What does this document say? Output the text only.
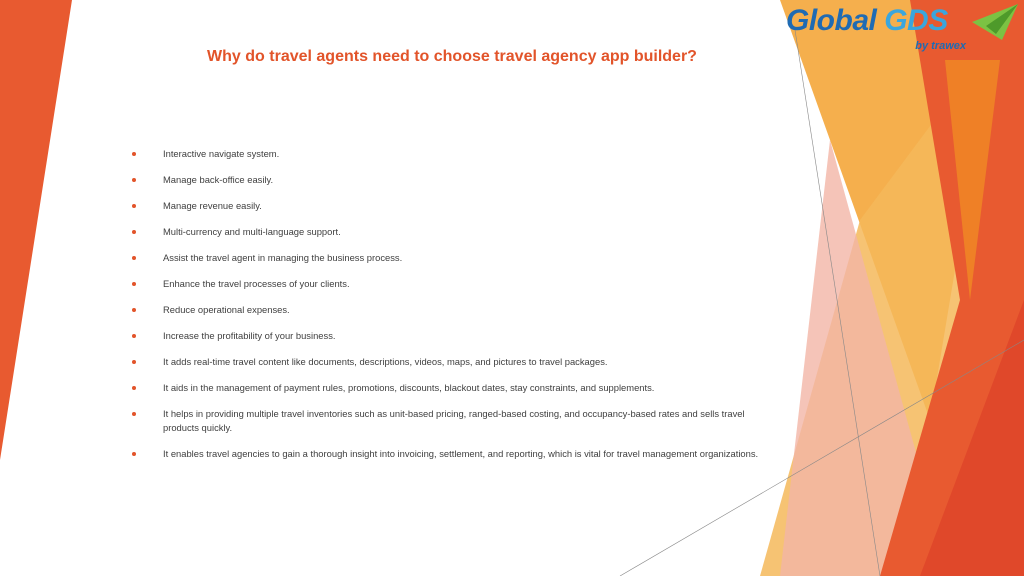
Global GDS
by trawex
Why do travel agents need to choose travel agency app builder?
Interactive navigate system.
Manage back-office easily.
Manage revenue easily.
Multi-currency and multi-language support.
Assist the travel agent in managing the business process.
Enhance the travel processes of your clients.
Reduce operational expenses.
Increase the profitability of your business.
It adds real-time travel content like documents, descriptions, videos, maps, and pictures to travel packages.
It aids in the management of payment rules, promotions, discounts, blackout dates, stay constraints, and supplements.
It helps in providing multiple travel inventories such as unit-based pricing, ranged-based costing, and occupancy-based rates and sells travel products quickly.
It enables travel agencies to gain a thorough insight into invoicing, settlement, and reporting, which is vital for travel management organizations.
